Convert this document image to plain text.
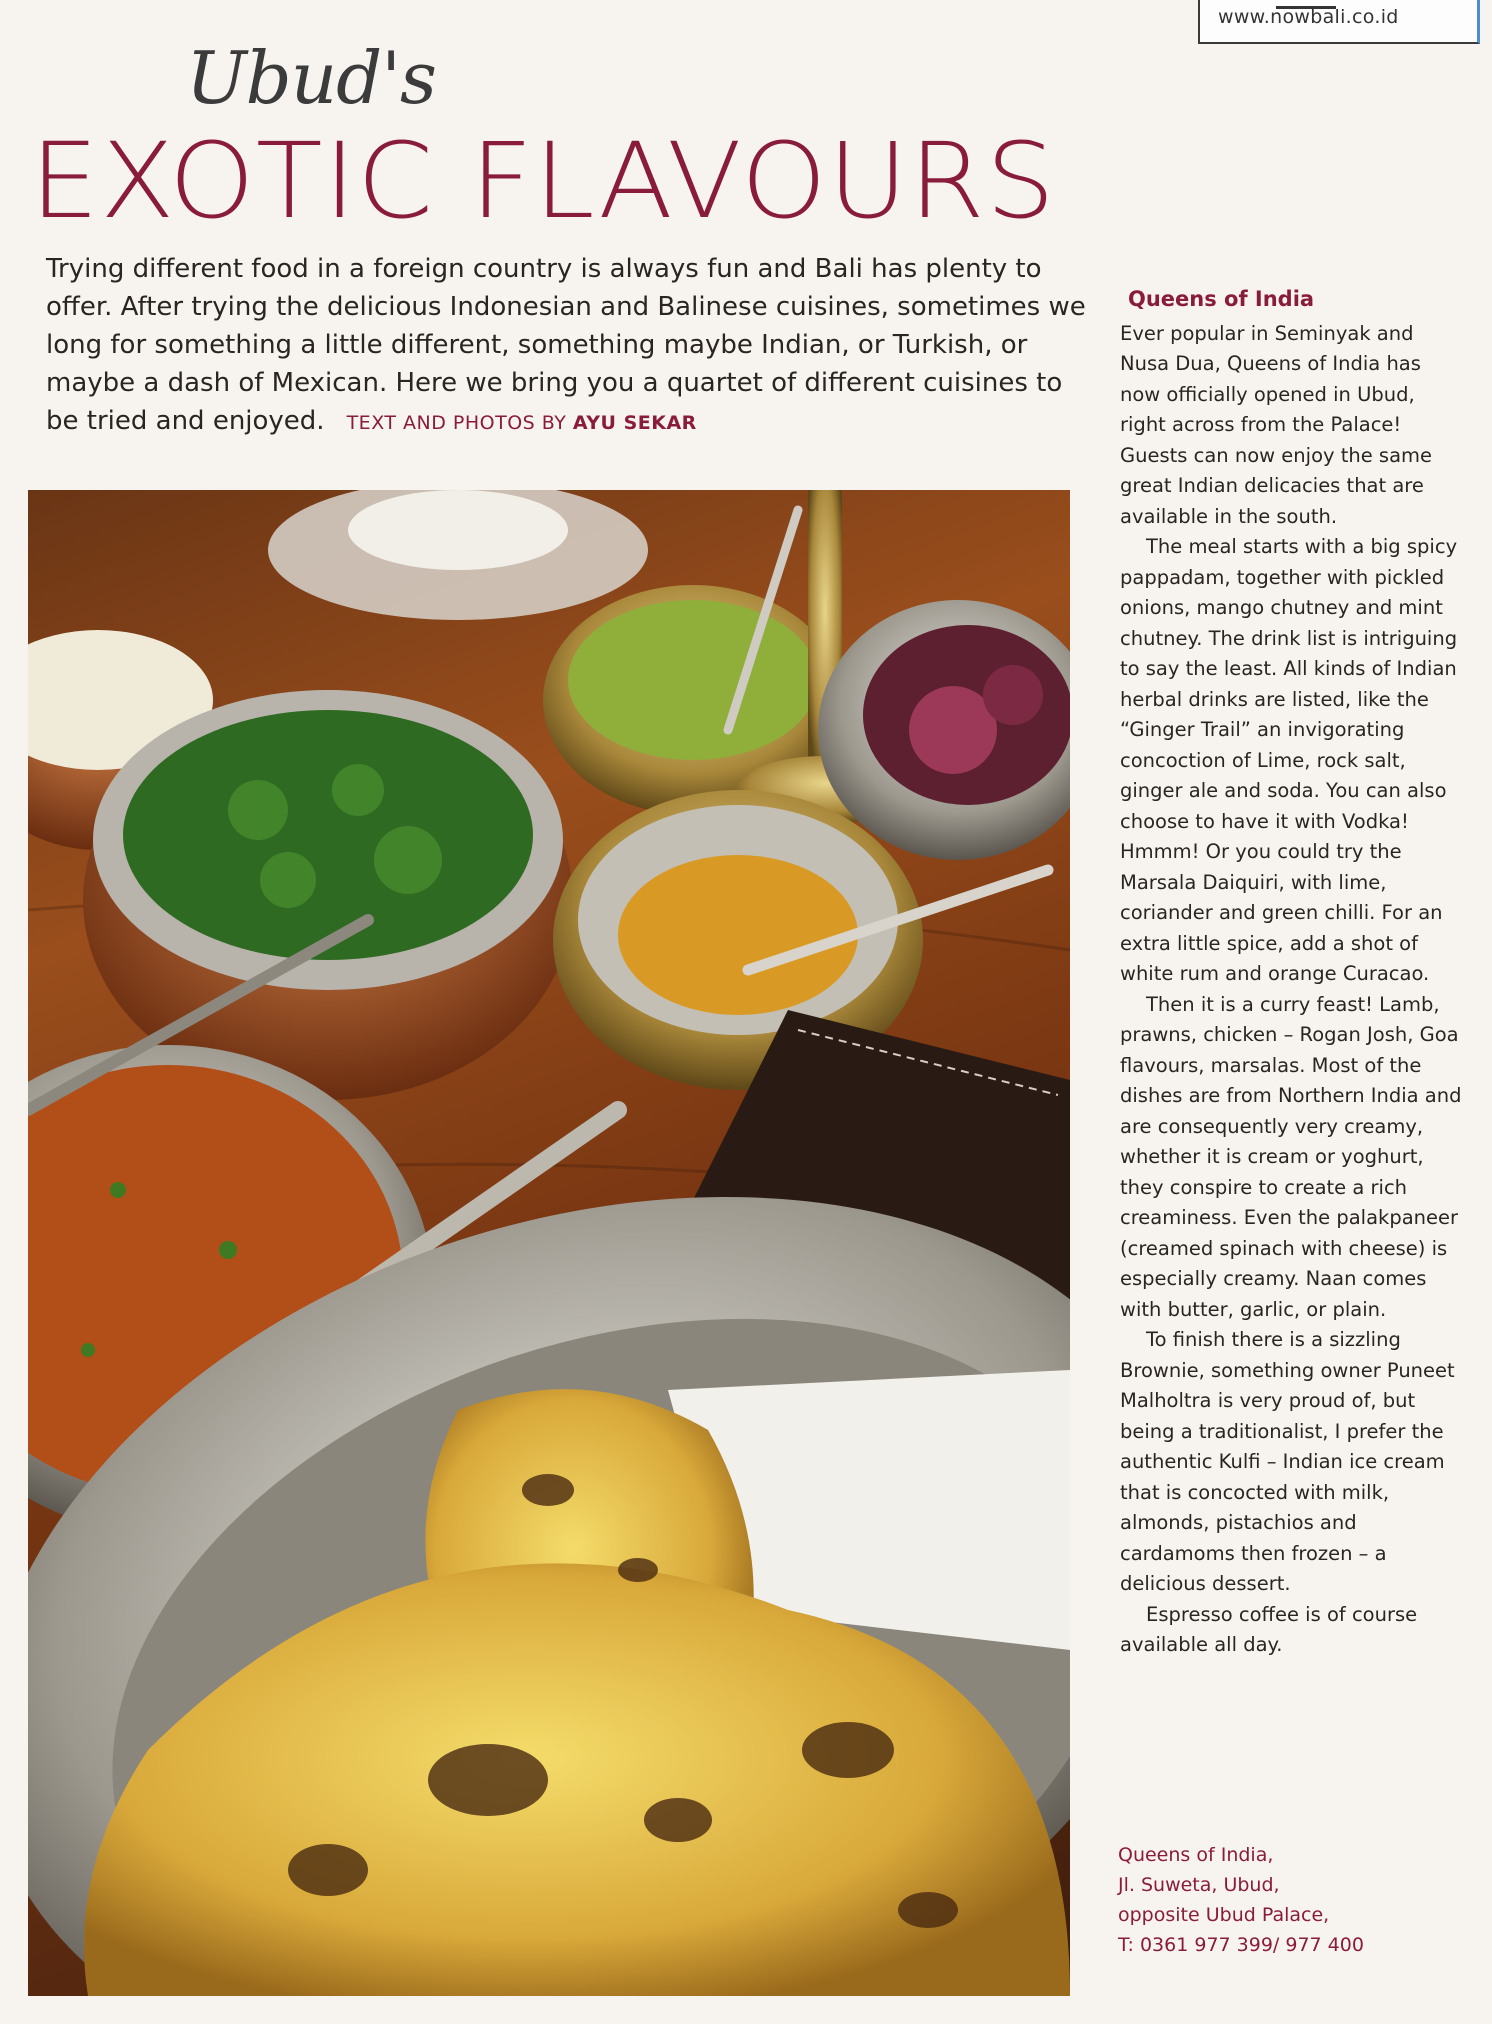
www.nowbali.co.id
Ubud's
EXOTIC FLAVOURS
Trying different food in a foreign country is always fun and Bali has plenty to offer. After trying the delicious Indonesian and Balinese cuisines, sometimes we long for something a little different, something maybe Indian, or Turkish, or maybe a dash of Mexican. Here we bring you a quartet of different cuisines to be tried and enjoyed. TEXT AND PHOTOS BY AYU SEKAR
Queens of India

Ever popular in Seminyak and Nusa Dua, Queens of India has now officially opened in Ubud, right across from the Palace! Guests can now enjoy the same great Indian delicacies that are available in the south.

The meal starts with a big spicy pappadam, together with pickled onions, mango chutney and mint chutney. The drink list is intriguing to say the least. All kinds of Indian herbal drinks are listed, like the “Ginger Trail” an invigorating concoction of Lime, rock salt, ginger ale and soda. You can also choose to have it with Vodka! Hmmm! Or you could try the Marsala Daiquiri, with lime, coriander and green chilli. For an extra little spice, add a shot of white rum and orange Curacao.

Then it is a curry feast! Lamb, prawns, chicken – Rogan Josh, Goa flavours, marsalas. Most of the dishes are from Northern India and are consequently very creamy, whether it is cream or yoghurt, they conspire to create a rich creaminess. Even the palakpaneer (creamed spinach with cheese) is especially creamy. Naan comes with butter, garlic, or plain.

To finish there is a sizzling Brownie, something owner Puneet Malholtra is very proud of, but being a traditionalist, I prefer the authentic Kulfi – Indian ice cream that is concocted with milk, almonds, pistachios and cardamoms then frozen – a delicious dessert.

Espresso coffee is of course available all day.

Queens of India,
Jl. Suweta, Ubud,
opposite Ubud Palace,
T: 0361 977 399/ 977 400
